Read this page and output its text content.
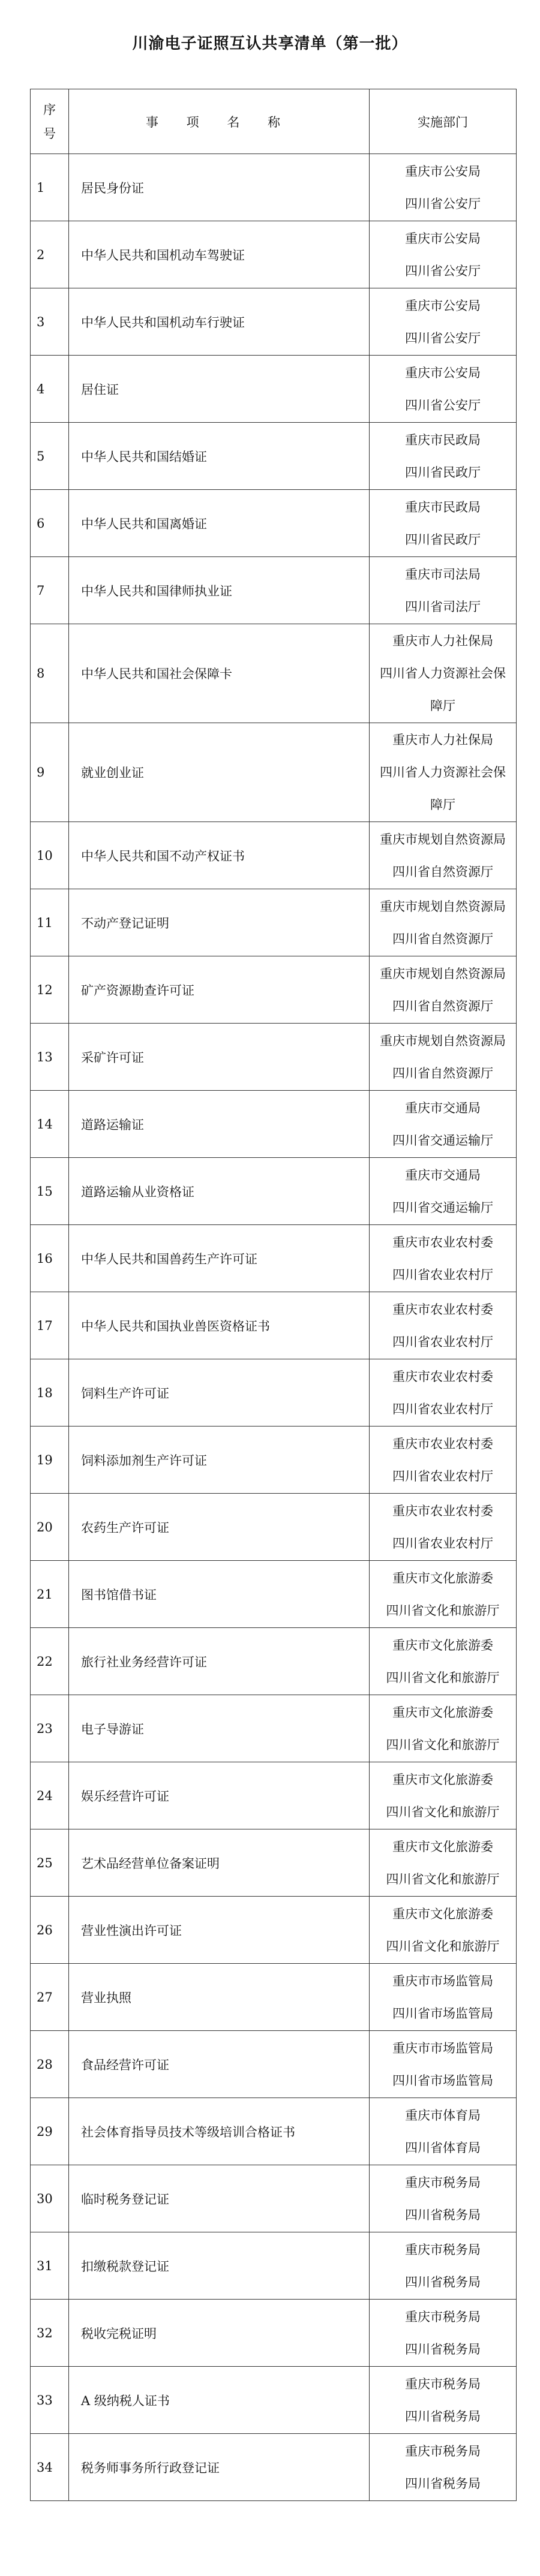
川渝电子证照互认共享清单（第一批）
序
号	事 项 名 称	实施部门
1	居民身份证	重庆市公安局
四川省公安厅

2	中华人民共和国机动车驾驶证	重庆市公安局
四川省公安厅

3	中华人民共和国机动车行驶证	重庆市公安局
四川省公安厅

4	居住证	重庆市公安局
四川省公安厅

5	中华人民共和国结婚证	重庆市民政局
四川省民政厅

6	中华人民共和国离婚证	重庆市民政局
四川省民政厅

7	中华人民共和国律师执业证	重庆市司法局
四川省司法厅

8	中华人民共和国社会保障卡	重庆市人力社保局
四川省人力资源社会保
障厅

9	就业创业证	重庆市人力社保局
四川省人力资源社会保
障厅

10	中华人民共和国不动产权证书	重庆市规划自然资源局
四川省自然资源厅

11	不动产登记证明	重庆市规划自然资源局
四川省自然资源厅

12	矿产资源勘查许可证	重庆市规划自然资源局
四川省自然资源厅

13	采矿许可证	重庆市规划自然资源局
四川省自然资源厅

14	道路运输证	重庆市交通局
四川省交通运输厅

15	道路运输从业资格证	重庆市交通局
四川省交通运输厅

16	中华人民共和国兽药生产许可证	重庆市农业农村委
四川省农业农村厅

17	中华人民共和国执业兽医资格证书	重庆市农业农村委
四川省农业农村厅

18	饲料生产许可证	重庆市农业农村委
四川省农业农村厅

19	饲料添加剂生产许可证	重庆市农业农村委
四川省农业农村厅

20	农药生产许可证	重庆市农业农村委
四川省农业农村厅

21	图书馆借书证	重庆市文化旅游委
四川省文化和旅游厅

22	旅行社业务经营许可证	重庆市文化旅游委
四川省文化和旅游厅

23	电子导游证	重庆市文化旅游委
四川省文化和旅游厅

24	娱乐经营许可证	重庆市文化旅游委
四川省文化和旅游厅

25	艺术品经营单位备案证明	重庆市文化旅游委
四川省文化和旅游厅

26	营业性演出许可证	重庆市文化旅游委
四川省文化和旅游厅

27	营业执照	重庆市市场监管局
四川省市场监管局

28	食品经营许可证	重庆市市场监管局
四川省市场监管局

29	社会体育指导员技术等级培训合格证书	重庆市体育局
四川省体育局

30	临时税务登记证	重庆市税务局
四川省税务局

31	扣缴税款登记证	重庆市税务局
四川省税务局

32	税收完税证明	重庆市税务局
四川省税务局

33	A 级纳税人证书	重庆市税务局
四川省税务局

34	税务师事务所行政登记证	重庆市税务局
四川省税务局
